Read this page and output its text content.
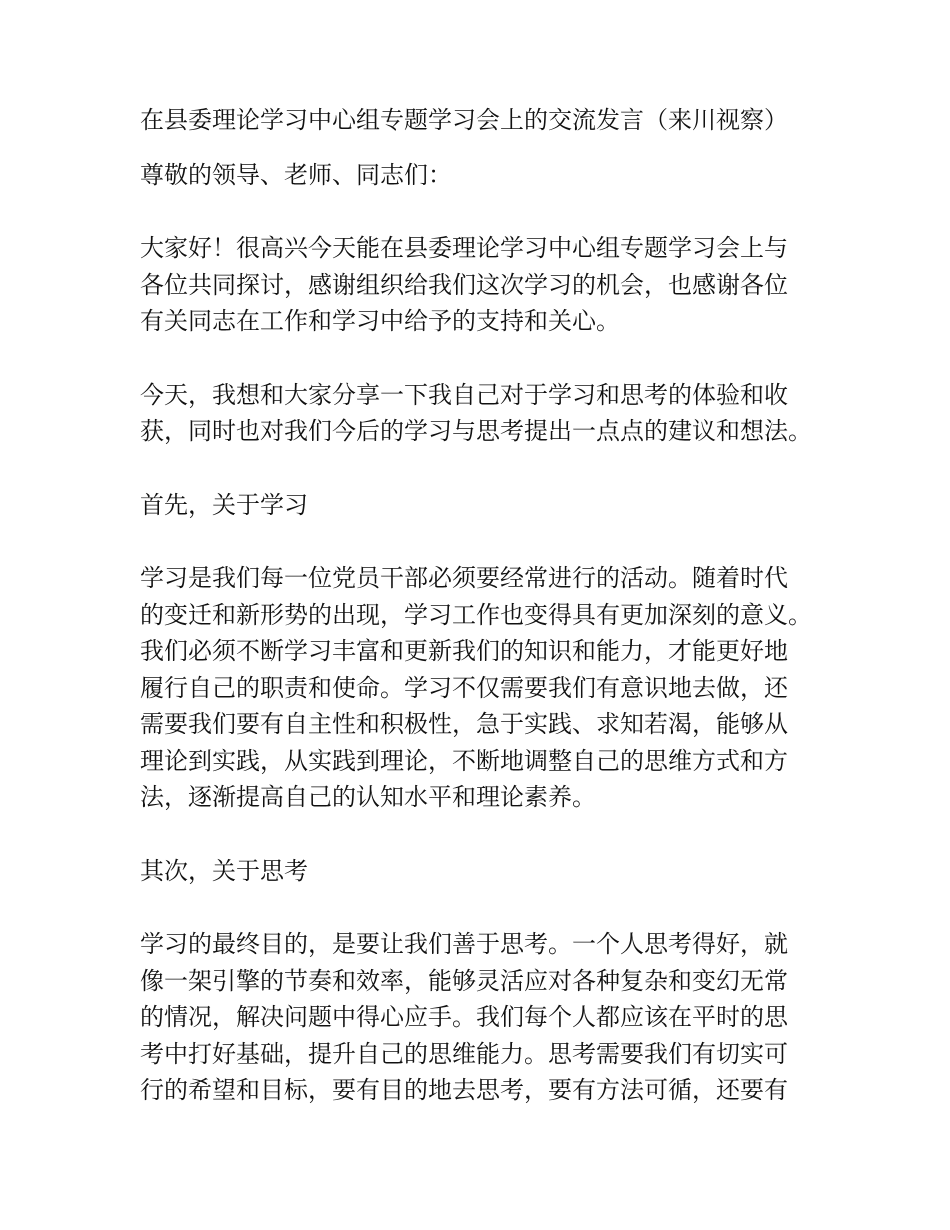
在县委理论学习中心组专题学习会上的交流发言（来川视察）

尊敬的领导、老师、同志们：

大家好！很高兴今天能在县委理论学习中心组专题学习会上与
各位共同探讨，感谢组织给我们这次学习的机会，也感谢各位
有关同志在工作和学习中给予的支持和关心。

今天，我想和大家分享一下我自己对于学习和思考的体验和收
获，同时也对我们今后的学习与思考提出一点点的建议和想法。

首先，关于学习

学习是我们每一位党员干部必须要经常进行的活动。随着时代
的变迁和新形势的出现，学习工作也变得具有更加深刻的意义。
我们必须不断学习丰富和更新我们的知识和能力，才能更好地
履行自己的职责和使命。学习不仅需要我们有意识地去做，还
需要我们要有自主性和积极性，急于实践、求知若渴，能够从
理论到实践，从实践到理论，不断地调整自己的思维方式和方
法，逐渐提高自己的认知水平和理论素养。

其次，关于思考

学习的最终目的，是要让我们善于思考。一个人思考得好，就
像一架引擎的节奏和效率，能够灵活应对各种复杂和变幻无常
的情况，解决问题中得心应手。我们每个人都应该在平时的思
考中打好基础，提升自己的思维能力。思考需要我们有切实可
行的希望和目标，要有目的地去思考，要有方法可循，还要有
